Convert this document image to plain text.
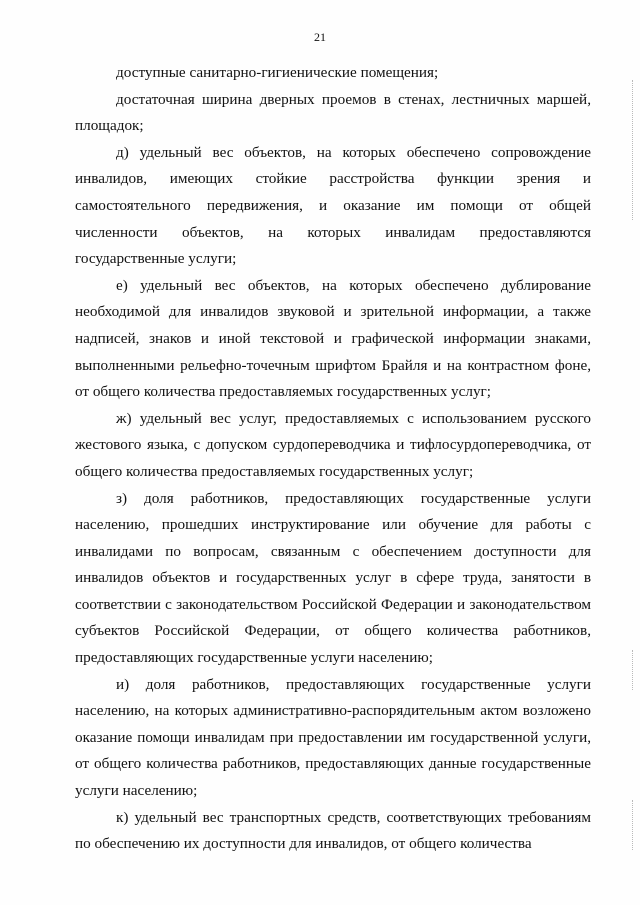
21

доступные санитарно-гигиенические помещения;

достаточная ширина дверных проемов в стенах, лестничных маршей, площадок;

д) удельный вес объектов, на которых обеспечено сопровождение инвалидов, имеющих стойкие расстройства функции зрения и самостоятельного передвижения, и оказание им помощи от общей численности объектов, на которых инвалидам предоставляются государственные услуги;

е) удельный вес объектов, на которых обеспечено дублирование необходимой для инвалидов звуковой и зрительной информации, а также надписей, знаков и иной текстовой и графической информации знаками, выполненными рельефно-точечным шрифтом Брайля и на контрастном фоне, от общего количества предоставляемых государственных услуг;

ж) удельный вес услуг, предоставляемых с использованием русского жестового языка, с допуском сурдопереводчика и тифлосурдопереводчика, от общего количества предоставляемых государственных услуг;

з) доля работников, предоставляющих государственные услуги населению, прошедших инструктирование или обучение для работы с инвалидами по вопросам, связанным с обеспечением доступности для инвалидов объектов и государственных услуг в сфере труда, занятости в соответствии с законодательством Российской Федерации и законодательством субъектов Российской Федерации, от общего количества работников, предоставляющих государственные услуги населению;

и) доля работников, предоставляющих государственные услуги населению, на которых административно-распорядительным актом возложено оказание помощи инвалидам при предоставлении им государственной услуги, от общего количества работников, предоставляющих данные государственные услуги населению;

к) удельный вес транспортных средств, соответствующих требованиям по обеспечению их доступности для инвалидов, от общего количества
